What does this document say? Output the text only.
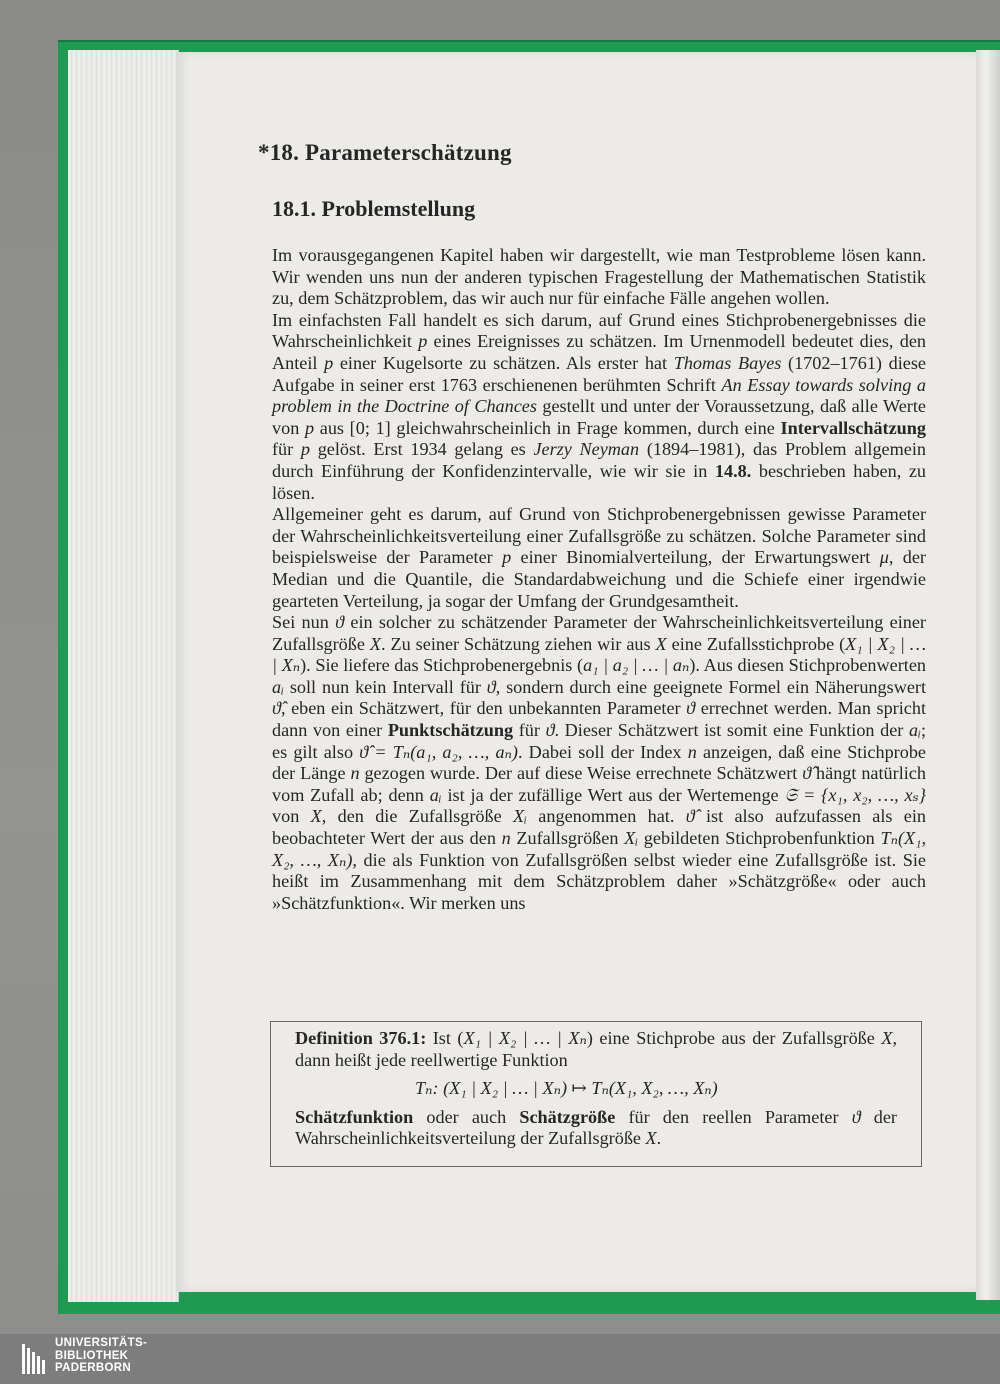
*18. Parameterschätzung
18.1. Problemstellung

Im vorausgegangenen Kapitel haben wir dargestellt, wie man Testprobleme lösen kann. Wir wenden uns nun der anderen typischen Fragestellung der Mathematischen Statistik zu, dem Schätzproblem, das wir auch nur für einfache Fälle angehen wollen.

Im einfachsten Fall handelt es sich darum, auf Grund eines Stichprobenergebnisses die Wahrscheinlichkeit p eines Ereignisses zu schätzen. Im Urnenmodell bedeutet dies, den Anteil p einer Kugelsorte zu schätzen. Als erster hat Thomas Bayes (1702–1761) diese Aufgabe in seiner erst 1763 erschienenen berühmten Schrift An Essay towards solving a problem in the Doctrine of Chances gestellt und unter der Voraussetzung, daß alle Werte von p aus [0; 1] gleichwahrscheinlich in Frage kommen, durch eine Intervallschätzung für p gelöst. Erst 1934 gelang es Jerzy Neyman (1894–1981), das Problem allgemein durch Einführung der Konfidenzintervalle, wie wir sie in 14.8. beschrieben haben, zu lösen.

Allgemeiner geht es darum, auf Grund von Stichprobenergebnissen gewisse Parameter der Wahrscheinlichkeitsverteilung einer Zufallsgröße zu schätzen. Solche Parameter sind beispielsweise der Parameter p einer Binomialverteilung, der Erwartungswert μ, der Median und die Quantile, die Standardabweichung und die Schiefe einer irgendwie gearteten Verteilung, ja sogar der Umfang der Grundgesamtheit.

Sei nun ϑ ein solcher zu schätzender Parameter der Wahrscheinlichkeitsverteilung einer Zufallsgröße X. Zu seiner Schätzung ziehen wir aus X eine Zufallsstichprobe (X₁ | X₂ | … | Xₙ). Sie liefere das Stichprobenergebnis (a₁ | a₂ | … | aₙ). Aus diesen Stichprobenwerten aᵢ soll nun kein Intervall für ϑ, sondern durch eine geeignete Formel ein Näherungswert ϑ̂, eben ein Schätzwert, für den unbekannten Parameter ϑ errechnet werden. Man spricht dann von einer Punktschätzung für ϑ. Dieser Schätzwert ist somit eine Funktion der aᵢ; es gilt also ϑ̂ = Tₙ(a₁, a₂, …, aₙ). Dabei soll der Index n anzeigen, daß eine Stichprobe der Länge n gezogen wurde. Der auf diese Weise errechnete Schätzwert ϑ̂ hängt natürlich vom Zufall ab; denn aᵢ ist ja der zufällige Wert aus der Wertemenge 𝔖 = {x₁, x₂, …, xₛ} von X, den die Zufallsgröße Xᵢ angenommen hat. ϑ̂ ist also aufzufassen als ein beobachteter Wert der aus den n Zufallsgrößen Xᵢ gebildeten Stichprobenfunktion Tₙ(X₁, X₂, …, Xₙ), die als Funktion von Zufallsgrößen selbst wieder eine Zufallsgröße ist. Sie heißt im Zusammenhang mit dem Schätzproblem daher »Schätzgröße« oder auch »Schätzfunktion«. Wir merken uns

Definition 376.1: Ist (X₁ | X₂ | … | Xₙ) eine Stichprobe aus der Zufallsgröße X, dann heißt jede reellwertige Funktion
Tₙ: (X₁ | X₂ | … | Xₙ) ↦ Tₙ(X₁, X₂, …, Xₙ)
Schätzfunktion oder auch Schätzgröße für den reellen Parameter ϑ der Wahrscheinlichkeitsverteilung der Zufallsgröße X.
UNIVERSITÄTS-
BIBLIOTHEK
PADERBORN
